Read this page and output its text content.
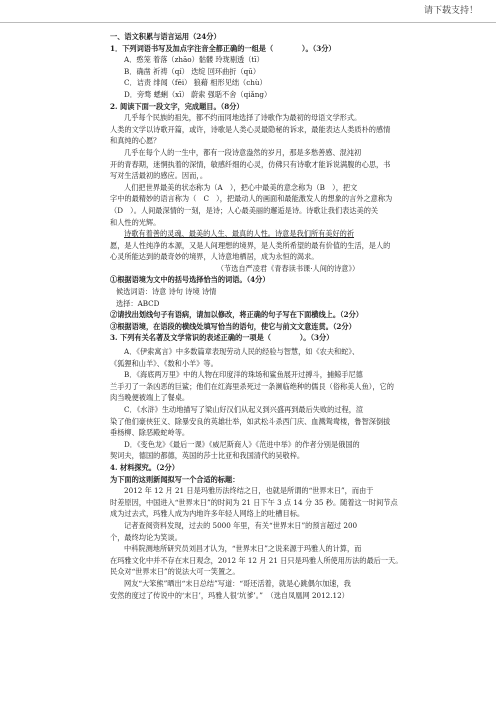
请下载支持！
一、语文积累与语言运用（24分）
1．下列词语书写及加点字注音全都正确的一组是（　　　　）。（3分）
A．憨笼 着落（zhāo）骷髅 玲珑剔透（tī）
B．确凿 祈祷（qí） 迭绽 回环曲折（qū）
C．诘责 绯闻（fēi） 狼藉 相形见绌（chù）
D．旁骛 蟋蜊（xī） 蔚索 强聒不舍（qiǎng）
2. 阅读下面一段文字，完成题目。（8分）
几乎每个民族的祖先，都不约而同地选择了诗歌作为最初的母语文学形式。
人类的文学以诗歌开篇，或许，诗歌是人类心灵最隐秘的诉求，最能表达人类质朴的感情
和真纯的心愿？
几乎在每个人的一生中，都有一段诗意盎然的岁月，那是多愁善感、混沌初
开的青春期，迷惘执着的深情，敏感纤细的心灵，仿佛只有诗歌才能诉说满腹的心思，书
写对生活最初的感应。因而，。
人们把世界最美的状态称为（A　），把心中最美的意念称为（B　），把文
字中的最精妙的语言称为（　C　），把最动人的画面和最能激发人的想象的言外之意称为
（D　）。人间最深情的一刻，是诗；人心最美丽的邂逅是诗。诗歌让我们表达美的关
和人性的光辉。
诗歌有着善的灵魂、最美的人生、最真的人性。诗意是我们所有美好的祈
愿，是人性纯净的本源，又是人间理想的境界，是人类所希望的最有价值的生活，是人的
心灵所能达到的最奇妙的境界，人诗意地栖居，成为永恒的渴求。
（节选自严凌君《青春读书课·人间的诗意》）
①根据语境为文中的括号选择恰当的词语。（4分）
候选词语：诗意 诗句 诗境 诗情
选择：ABCD
②请找出划线句子有语病，请加以修改，将正确的句子写在下面横线上。（2分）
③根据语境，在语段的横线处填写恰当的语句，使它与前文文意连贯。（2分）
3. 下列有关名著及文学常识的表述正确的一项是（　　　　）。（3分）
A．《伊索寓言》中多数篇章表现劳动人民的经验与智慧，如《农夫和蛇》、
《狐狸和山羊》、《数和小羊》等。
B．《海底两万里》中的人物在印度洋的珠场和鲨鱼展开过搏斗，捕鲸手尼德
兰手刃了一条凶恶的巨鲨；他们在红海里杀死过一条濒临绝种的儒艮（俗称美人鱼），它的
肉当晚便被端上了餐桌。
C．《水浒》生动地描写了梁山好汉们从起义到兴盛再到最后失败的过程，渲
染了他们豪侠狂义、除暴安良的英雄壮举，如武松斗杀西门庆、血溅鸳鸯楼，鲁智深倒拔
垂杨柳、除恶殿蛇岭等。
D．《变色龙》《最后一课》《威尼斯商人》《范进中举》的作者分别是俄国的
契诃夫，德国的都德，英国的莎士比亚和我国清代的吴敬梓。
4. 材料探究。（2分）
为下面的这则新闻拟写一个合适的标题：
2012 年 12 月 21 日是玛雅历法终结之日，也就是所谓的“世界末日”，而由于
时差原因，中国进入“世界末日”的时间为 21 日下午 3 点 14 分 35 秒。随着这一时间节点
成为过去式，玛雅人成为内地许多年轻人网络上的吐槽目标。
记者查阅资料发现，过去的 5000 年里，有关“世界末日”的预言超过 200
个，最终均论为笑谈。
中科院测地所研究员刘昌才认为，“世界末日”之说来源于玛雅人的计算，而
在玛雅文化中并不存在末日观念，2012 年 12 月 21 日只是玛雅人所使用历法的最后一天。
民众对“世界末日”的说法大可一笑置之。
网友“大笨熊”晒出“末日总结”写道：“哥还活着，就是心跳偶尔加速，我
安然的度过了传说中的‘末日’，玛雅人很‘坑爹’。”　（选自凤凰网 2012.12）
